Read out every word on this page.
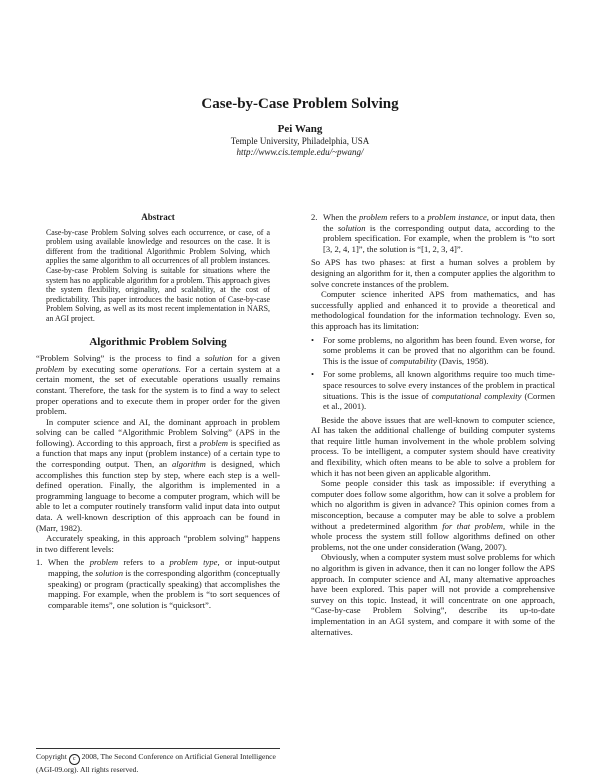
Case-by-Case Problem Solving
Pei Wang
Temple University, Philadelphia, USA
http://www.cis.temple.edu/~pwang/
Abstract

Case-by-case Problem Solving solves each occurrence, or case, of a problem using available knowledge and resources on the case. It is different from the traditional Algorithmic Problem Solving, which applies the same algorithm to all occurrences of all problem instances. Case-by-case Problem Solving is suitable for situations where the system has no applicable algorithm for a problem. This approach gives the system flexibility, originality, and scalability, at the cost of predictability. This paper introduces the basic notion of Case-by-case Problem Solving, as well as its most recent implementation in NARS, an AGI project.

Algorithmic Problem Solving

“Problem Solving” is the process to find a solution for a given problem by executing some operations. For a certain system at a certain moment, the set of executable operations usually remains constant. Therefore, the task for the system is to find a way to select proper operations and to execute them in proper order for the given problem.

In computer science and AI, the dominant approach in problem solving can be called “Algorithmic Problem Solving” (APS in the following). According to this approach, first a problem is specified as a function that maps any input (problem instance) of a certain type to the corresponding output. Then, an algorithm is designed, which accomplishes this function step by step, where each step is a well-defined operation. Finally, the algorithm is implemented in a programming language to become a computer program, which will be able to let a computer routinely transform valid input data into output data. A well-known description of this approach can be found in (Marr, 1982).

Accurately speaking, in this approach “problem solving” happens in two different levels:

1. When the problem refers to a problem type, or input-output mapping, the solution is the corresponding algorithm (conceptually speaking) or program (practically speaking) that accomplishes the mapping. For example, when the problem is “to sort sequences of comparable items”, one solution is “quicksort”.
2. When the problem refers to a problem instance, or input data, then the solution is the corresponding output data, according to the problem specification. For example, when the problem is “to sort [3, 2, 4, 1]”, the solution is “[1, 2, 3, 4]”.

So APS has two phases: at first a human solves a problem by designing an algorithm for it, then a computer applies the algorithm to solve concrete instances of the problem.

Computer science inherited APS from mathematics, and has successfully applied and enhanced it to provide a theoretical and methodological foundation for the information technology. Even so, this approach has its limitation:

• For some problems, no algorithm has been found. Even worse, for some problems it can be proved that no algorithm can be found. This is the issue of computability (Davis, 1958).
• For some problems, all known algorithms require too much time-space resources to solve every instances of the problem in practical situations. This is the issue of computational complexity (Cormen et al., 2001).

Beside the above issues that are well-known to computer science, AI has taken the additional challenge of building computer systems that require little human involvement in the whole problem solving process. To be intelligent, a computer system should have creativity and flexibility, which often means to be able to solve a problem for which it has not been given an applicable algorithm.

Some people consider this task as impossible: if everything a computer does follow some algorithm, how can it solve a problem for which no algorithm is given in advance? This opinion comes from a misconception, because a computer may be able to solve a problem without a predetermined algorithm for that problem, while in the whole process the system still follow algorithms defined on other problems, not the one under consideration (Wang, 2007).

Obviously, when a computer system must solve problems for which no algorithm is given in advance, then it can no longer follow the APS approach. In computer science and AI, many alternative approaches have been explored. This paper will not provide a comprehensive survey on this topic. Instead, it will concentrate on one approach, “Case-by-case Problem Solving”, describe its up-to-date implementation in an AGI system, and compare it with some of the alternatives.

Copyright c 2008, The Second Conference on Artificial General Intelligence (AGI-09.org). All rights reserved.
